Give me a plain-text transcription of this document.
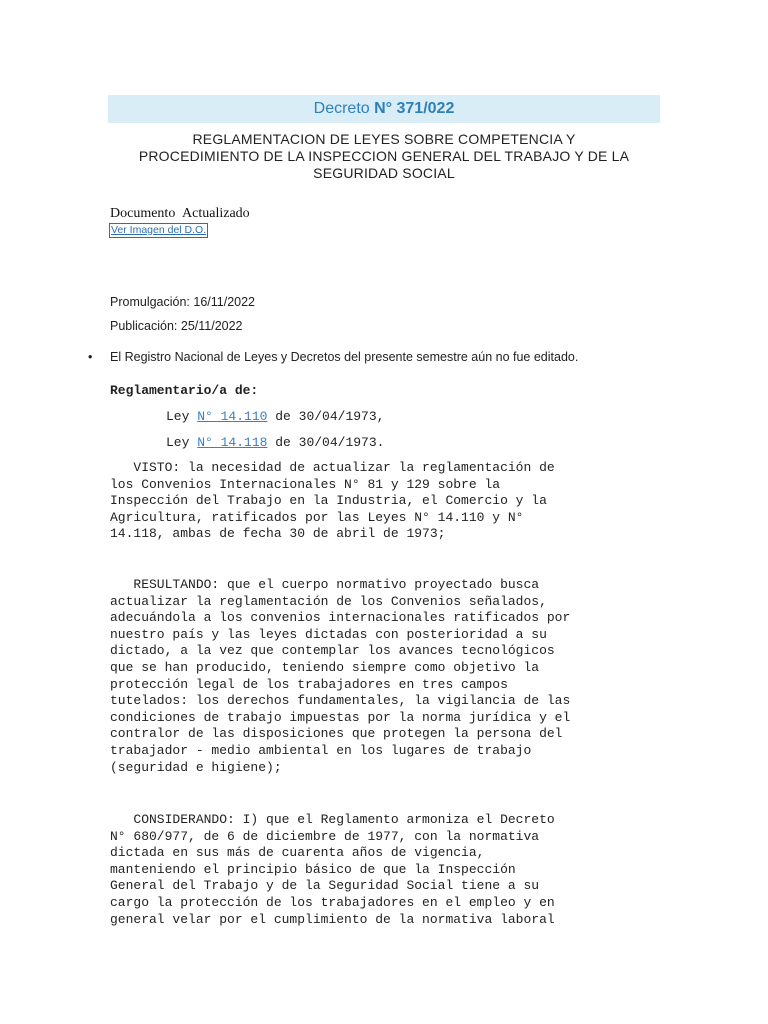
Decreto N° 371/022
REGLAMENTACION DE LEYES SOBRE COMPETENCIA Y
PROCEDIMIENTO DE LA INSPECCION GENERAL DEL TRABAJO Y DE LA
SEGURIDAD SOCIAL
Documento Actualizado
Ver Imagen del D.O.
Promulgación: 16/11/2022
Publicación: 25/11/2022
• El Registro Nacional de Leyes y Decretos del presente semestre aún no fue editado.
Reglamentario/a de:
Ley N° 14.110 de 30/04/1973,
Ley N° 14.118 de 30/04/1973.
VISTO: la necesidad de actualizar la reglamentación de
los Convenios Internacionales N° 81 y 129 sobre la
Inspección del Trabajo en la Industria, el Comercio y la
Agricultura, ratificados por las Leyes N° 14.110 y N°
14.118, ambas de fecha 30 de abril de 1973;
RESULTANDO: que el cuerpo normativo proyectado busca
actualizar la reglamentación de los Convenios señalados,
adecuándola a los convenios internacionales ratificados por
nuestro país y las leyes dictadas con posterioridad a su
dictado, a la vez que contemplar los avances tecnológicos
que se han producido, teniendo siempre como objetivo la
protección legal de los trabajadores en tres campos
tutelados: los derechos fundamentales, la vigilancia de las
condiciones de trabajo impuestas por la norma jurídica y el
contralor de las disposiciones que protegen la persona del
trabajador - medio ambiental en los lugares de trabajo
(seguridad e higiene);
CONSIDERANDO: I) que el Reglamento armoniza el Decreto
N° 680/977, de 6 de diciembre de 1977, con la normativa
dictada en sus más de cuarenta años de vigencia,
manteniendo el principio básico de que la Inspección
General del Trabajo y de la Seguridad Social tiene a su
cargo la protección de los trabajadores en el empleo y en
general velar por el cumplimiento de la normativa laboral
